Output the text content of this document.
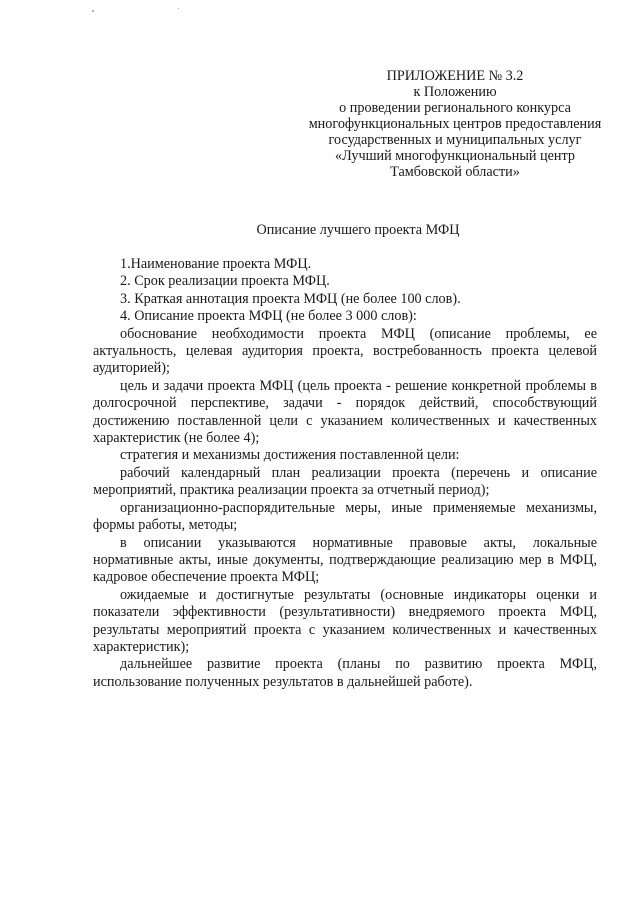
ПРИЛОЖЕНИЕ № 3.2
к Положению
о проведении регионального конкурса
многофункциональных центров предоставления
государственных и муниципальных услуг
«Лучший многофункциональный центр
Тамбовской области»
Описание лучшего проекта МФЦ
1.Наименование проекта МФЦ.
2. Срок реализации проекта МФЦ.
3. Краткая аннотация проекта МФЦ (не более 100 слов).
4. Описание проекта МФЦ (не более 3 000 слов):

обоснование необходимости проекта МФЦ (описание проблемы, ее актуальность, целевая аудитория проекта, востребованность проекта целевой аудиторией);

цель и задачи проекта МФЦ (цель проекта - решение конкретной проблемы в долгосрочной перспективе, задачи - порядок действий, способствующий достижению поставленной цели с указанием количественных и качественных характеристик (не более 4);

стратегия и механизмы достижения поставленной цели:

рабочий календарный план реализации проекта (перечень и описание мероприятий, практика реализации проекта за отчетный период);

организационно-распорядительные меры, иные применяемые механизмы, формы работы, методы;

в описании указываются нормативные правовые акты, локальные нормативные акты, иные документы, подтверждающие реализацию мер в МФЦ, кадровое обеспечение проекта МФЦ;

ожидаемые и достигнутые результаты (основные индикаторы оценки и показатели эффективности (результативности) внедряемого проекта МФЦ, результаты мероприятий проекта с указанием количественных и качественных характеристик);

дальнейшее развитие проекта (планы по развитию проекта МФЦ, использование полученных результатов в дальнейшей работе).
